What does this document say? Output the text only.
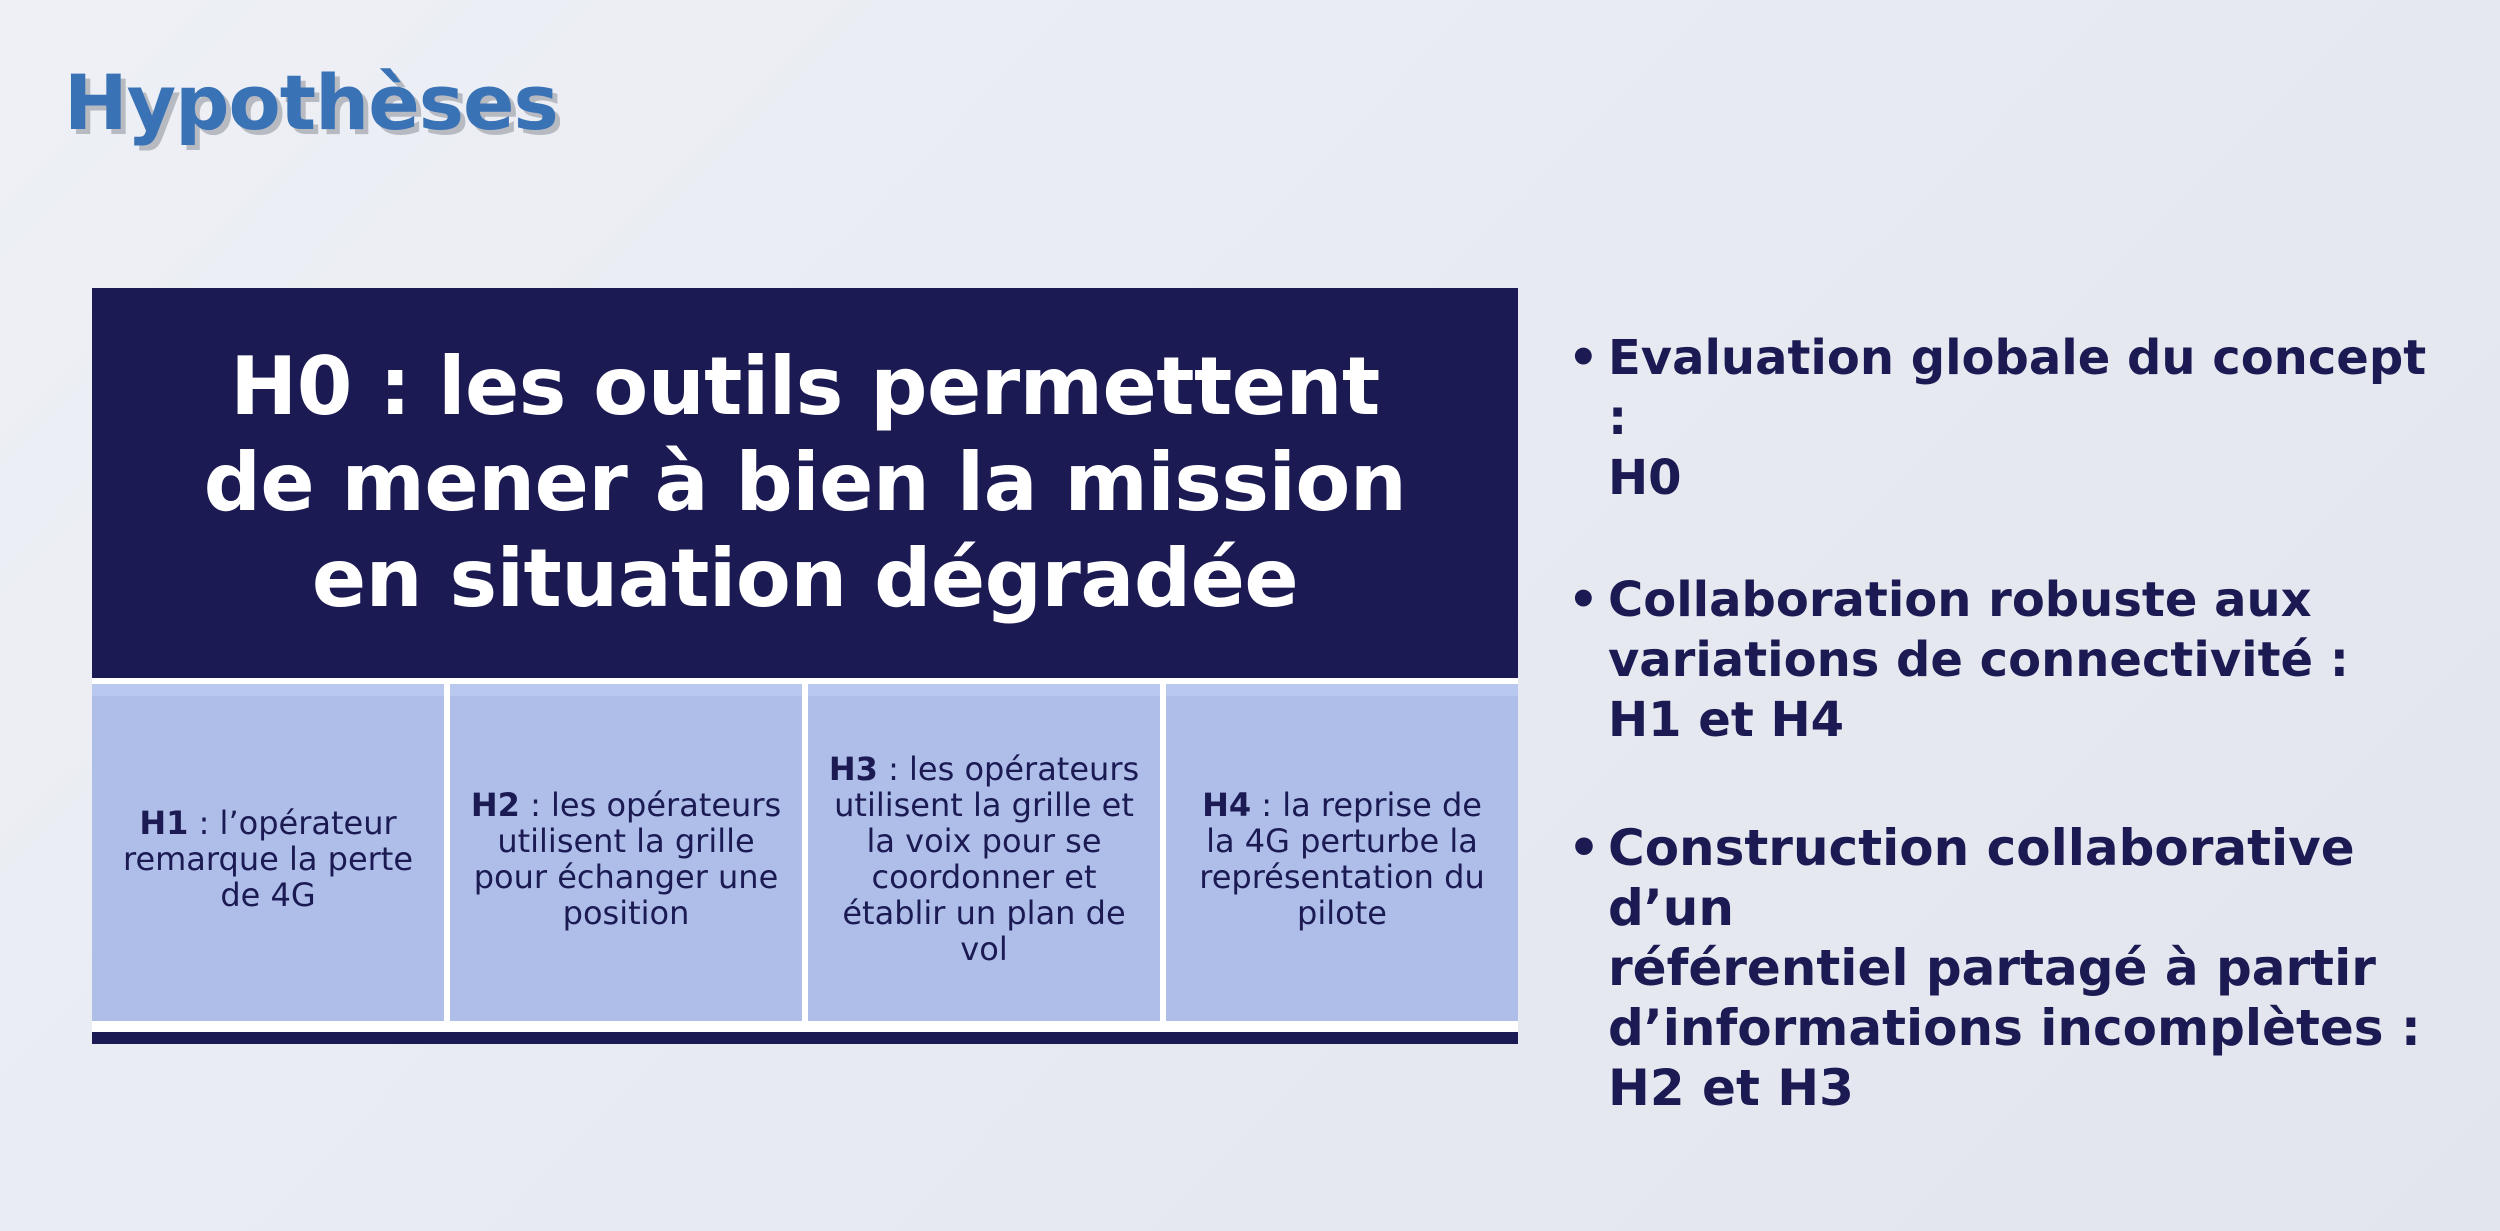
Hypothèses
H0 : les outils permettent de mener à bien la mission en situation dégradée
H1 : l’opérateur remarque la perte de 4G
H2 : les opérateurs utilisent la grille pour échanger une position
H3 : les opérateurs utilisent la grille et la voix pour se coordonner et établir un plan de vol
H4 : la reprise de la 4G perturbe la représentation du pilote
• Evaluation globale du concept :
H0
• Collaboration robuste aux
variations de connectivité :
H1 et H4
• Construction collaborative d’un
référentiel partagé à partir
d’informations incomplètes :
H2 et H3
